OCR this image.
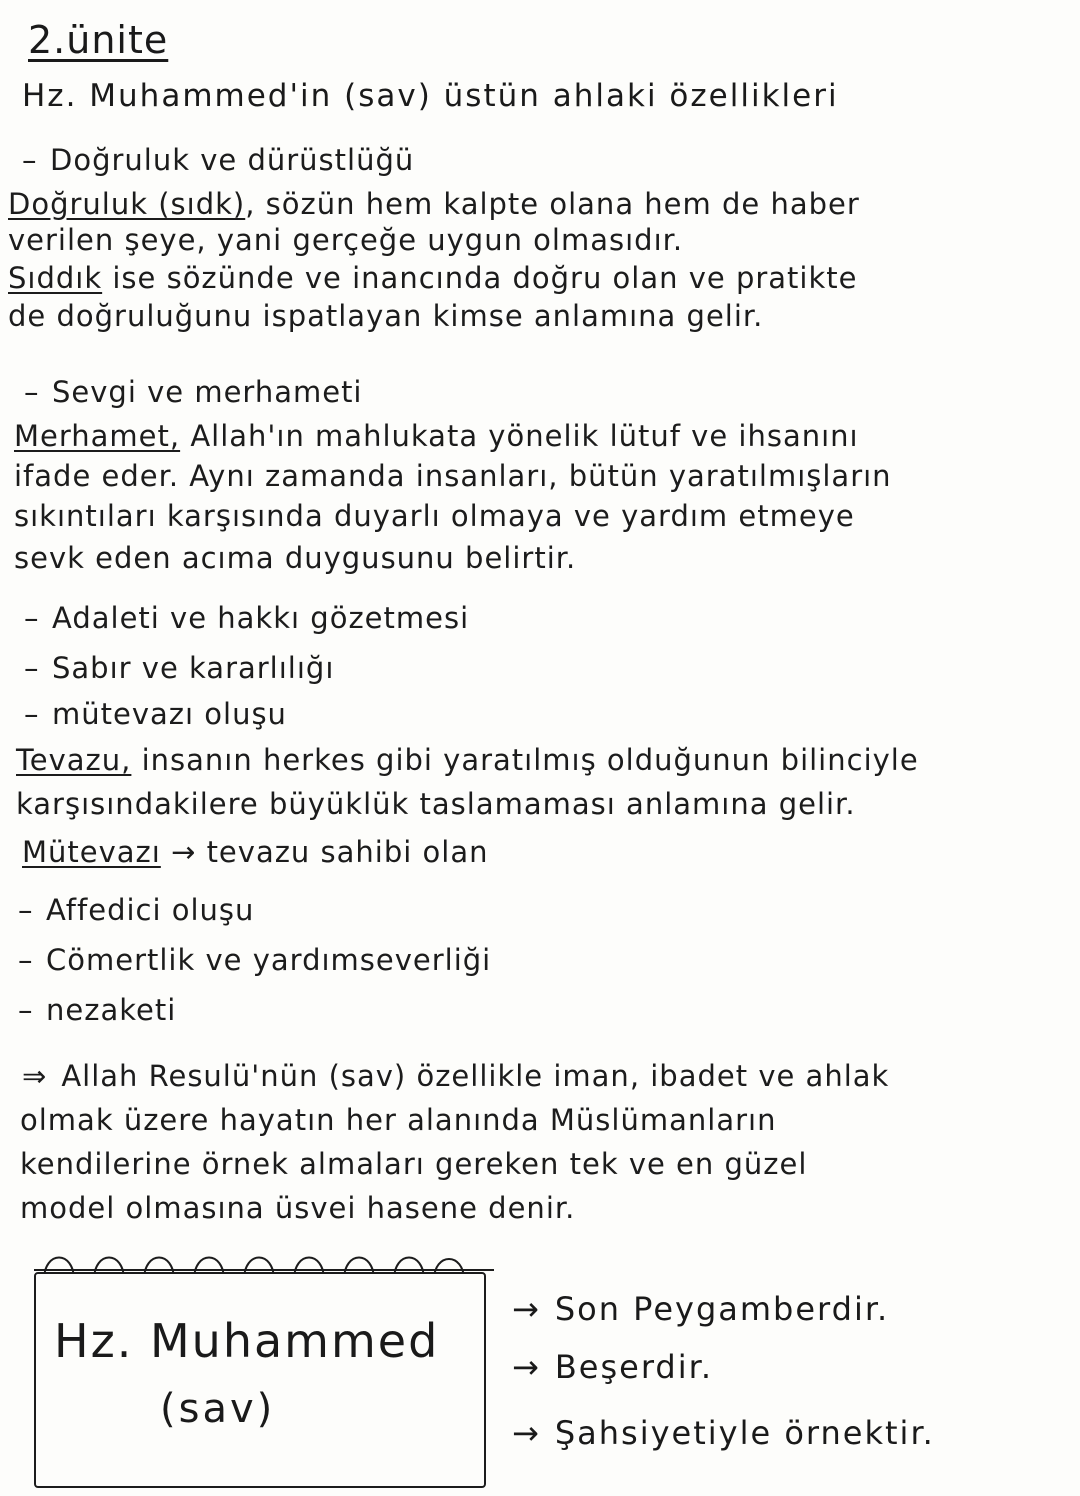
2.ünite
Hz. Muhammed'in (sav) üstün ahlaki özellikleri
– Doğruluk ve dürüstlüğü
Doğruluk (sıdk), sözün hem kalpte olana hem de haber
verilen şeye, yani gerçeğe uygun olmasıdır.
Sıddık ise sözünde ve inancında doğru olan ve pratikte
de doğruluğunu ispatlayan kimse anlamına gelir.
– Sevgi ve merhameti
Merhamet, Allah'ın mahlukata yönelik lütuf ve ihsanını
ifade eder. Aynı zamanda insanları, bütün yaratılmışların
sıkıntıları karşısında duyarlı olmaya ve yardım etmeye
sevk eden acıma duygusunu belirtir.
– Adaleti ve hakkı gözetmesi
– Sabır ve kararlılığı
– mütevazı oluşu
Tevazu, insanın herkes gibi yaratılmış olduğunun bilinciyle
karşısındakilere büyüklük taslamaması anlamına gelir.
Mütevazı → tevazu sahibi olan
– Affedici oluşu
– Cömertlik ve yardımseverliği
– nezaketi
⇒ Allah Resulü'nün (sav) özellikle iman, ibadet ve ahlak
olmak üzere hayatın her alanında Müslümanların
kendilerine örnek almaları gereken tek ve en güzel
model olmasına üsvei hasene denir.
Hz. Muhammed
(sav)
→ Son Peygamberdir.
→ Beşerdir.
→ Şahsiyetiyle örnektir.
